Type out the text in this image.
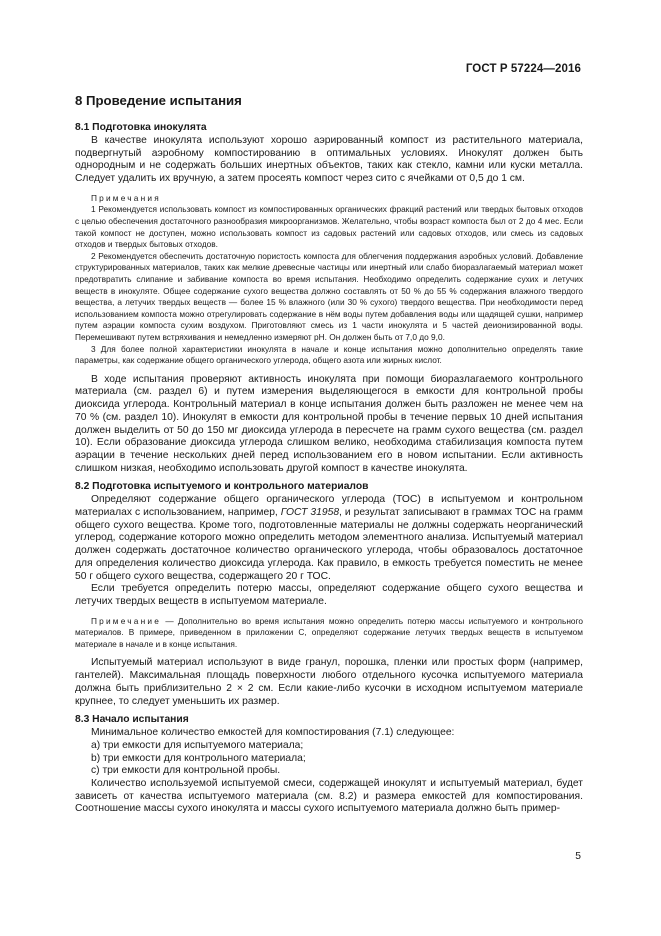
ГОСТ Р 57224—2016
8 Проведение испытания
8.1 Подготовка инокулята

В качестве инокулята используют хорошо аэрированный компост из растительного материала, подвергнутый аэробному компостированию в оптимальных условиях. Инокулят должен быть однородным и не содержать больших инертных объектов, таких как стекло, камни или куски металла. Следует удалить их вручную, а затем просеять компост через сито с ячейками от 0,5 до 1 см.

Примечания

1 Рекомендуется использовать компост из компостированных органических фракций растений или твердых бытовых отходов с целью обеспечения достаточного разнообразия микроорганизмов. Желательно, чтобы возраст компоста был от 2 до 4 мес. Если такой компост не доступен, можно использовать компост из садовых растений или садовых отходов, или смесь из садовых отходов и твердых бытовых отходов.

2 Рекомендуется обеспечить достаточную пористость компоста для облегчения поддержания аэробных условий. Добавление структурированных материалов, таких как мелкие древесные частицы или инертный или слабо биоразлагаемый материал может предотвратить слипание и забивание компоста во время испытания. Необходимо определить содержание сухих и летучих веществ в инокуляте. Общее содержание сухого вещества должно составлять от 50 % до 55 % содержания влажного твердого вещества, а летучих твердых веществ — более 15 % влажного (или 30 % сухого) твердого вещества. При необходимости перед использованием компоста можно отрегулировать содержание в нём воды путем добавления воды или щадящей сушки, например путем аэрации компоста сухим воздухом. Приготовляют смесь из 1 части инокулята и 5 частей деионизированной воды. Перемешивают путем встряхивания и немедленно измеряют pH. Он должен быть от 7,0 до 9,0.

3 Для более полной характеристики инокулята в начале и конце испытания можно дополнительно определять такие параметры, как содержание общего органического углерода, общего азота или жирных кислот.

В ходе испытания проверяют активность инокулята при помощи биоразлагаемого контрольного материала (см. раздел 6) и путем измерения выделяющегося в емкости для контрольной пробы диоксида углерода. Контрольный материал в конце испытания должен быть разложен не менее чем на 70 % (см. раздел 10). Инокулят в емкости для контрольной пробы в течение первых 10 дней испытания должен выделить от 50 до 150 мг диоксида углерода в пересчете на грамм сухого вещества (см. раздел 10). Если образование диоксида углерода слишком велико, необходима стабилизация компоста путем аэрации в течение нескольких дней перед использованием его в новом испытании. Если активность слишком низкая, необходимо использовать другой компост в качестве инокулята.

8.2 Подготовка испытуемого и контрольного материалов

Определяют содержание общего органического углерода (ТОС) в испытуемом и контрольном материалах с использованием, например, ГОСТ 31958, и результат записывают в граммах ТОС на грамм общего сухого вещества. Кроме того, подготовленные материалы не должны содержать неорганический углерод, содержание которого можно определить методом элементного анализа. Испытуемый материал должен содержать достаточное количество органического углерода, чтобы образовалось достаточное для определения количество диоксида углерода. Как правило, в емкость требуется поместить не менее 50 г общего сухого вещества, содержащего 20 г ТОС.

Если требуется определить потерю массы, определяют содержание общего сухого вещества и летучих твердых веществ в испытуемом материале.

Примечание — Дополнительно во время испытания можно определить потерю массы испытуемого и контрольного материалов. В примере, приведенном в приложении С, определяют содержание летучих твердых веществ в испытуемом материале в начале и в конце испытания.

Испытуемый материал используют в виде гранул, порошка, пленки или простых форм (например, гантелей). Максимальная площадь поверхности любого отдельного кусочка испытуемого материала должна быть приблизительно 2 × 2 см. Если какие-либо кусочки в исходном испытуемом материале крупнее, то следует уменьшить их размер.

8.3 Начало испытания

Минимальное количество емкостей для компостирования (7.1) следующее:

a) три емкости для испытуемого материала;
b) три емкости для контрольного материала;
c) три емкости для контрольной пробы.

Количество используемой испытуемой смеси, содержащей инокулят и испытуемый материал, будет зависеть от качества испытуемого материала (см. 8.2) и размера емкостей для компостирования. Соотношение массы сухого инокулята и массы сухого испытуемого материала должно быть пример-

5
